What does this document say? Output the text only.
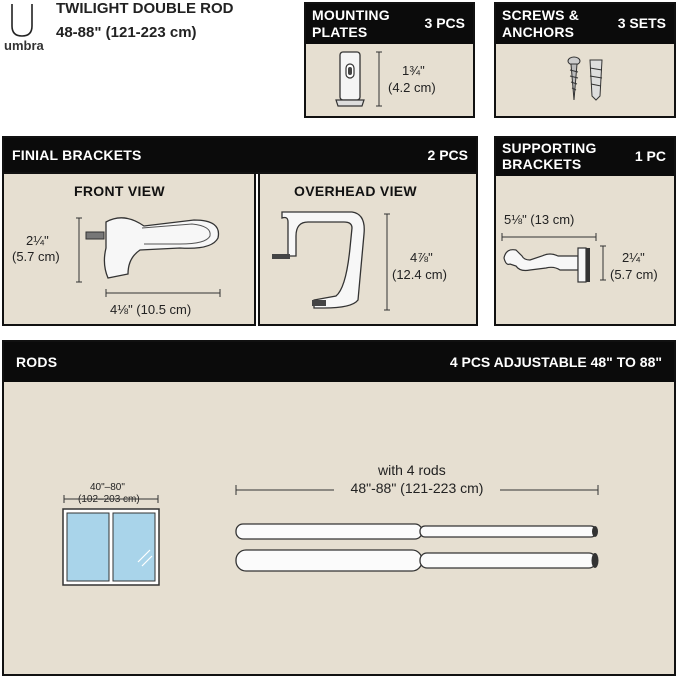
umbra
TWILIGHT DOUBLE ROD
48-88" (121-223 cm)
MOUNTING
PLATES
3 PCS
1¾"
(4.2 cm)
SCREWS &
ANCHORS
3 SETS
FINIAL BRACKETS	2 PCS
FRONT VIEW
2¼"
(5.7 cm)
4⅛" (10.5 cm)
OVERHEAD VIEW
4⅞"
(12.4 cm)
SUPPORTING
BRACKETS	1 PC
5⅛" (13 cm)
2¼"
(5.7 cm)
RODS	4 PCS ADJUSTABLE 48" TO 88"
40"–80"
(102–203 cm)
with 4 rods
48"-88" (121-223 cm)
